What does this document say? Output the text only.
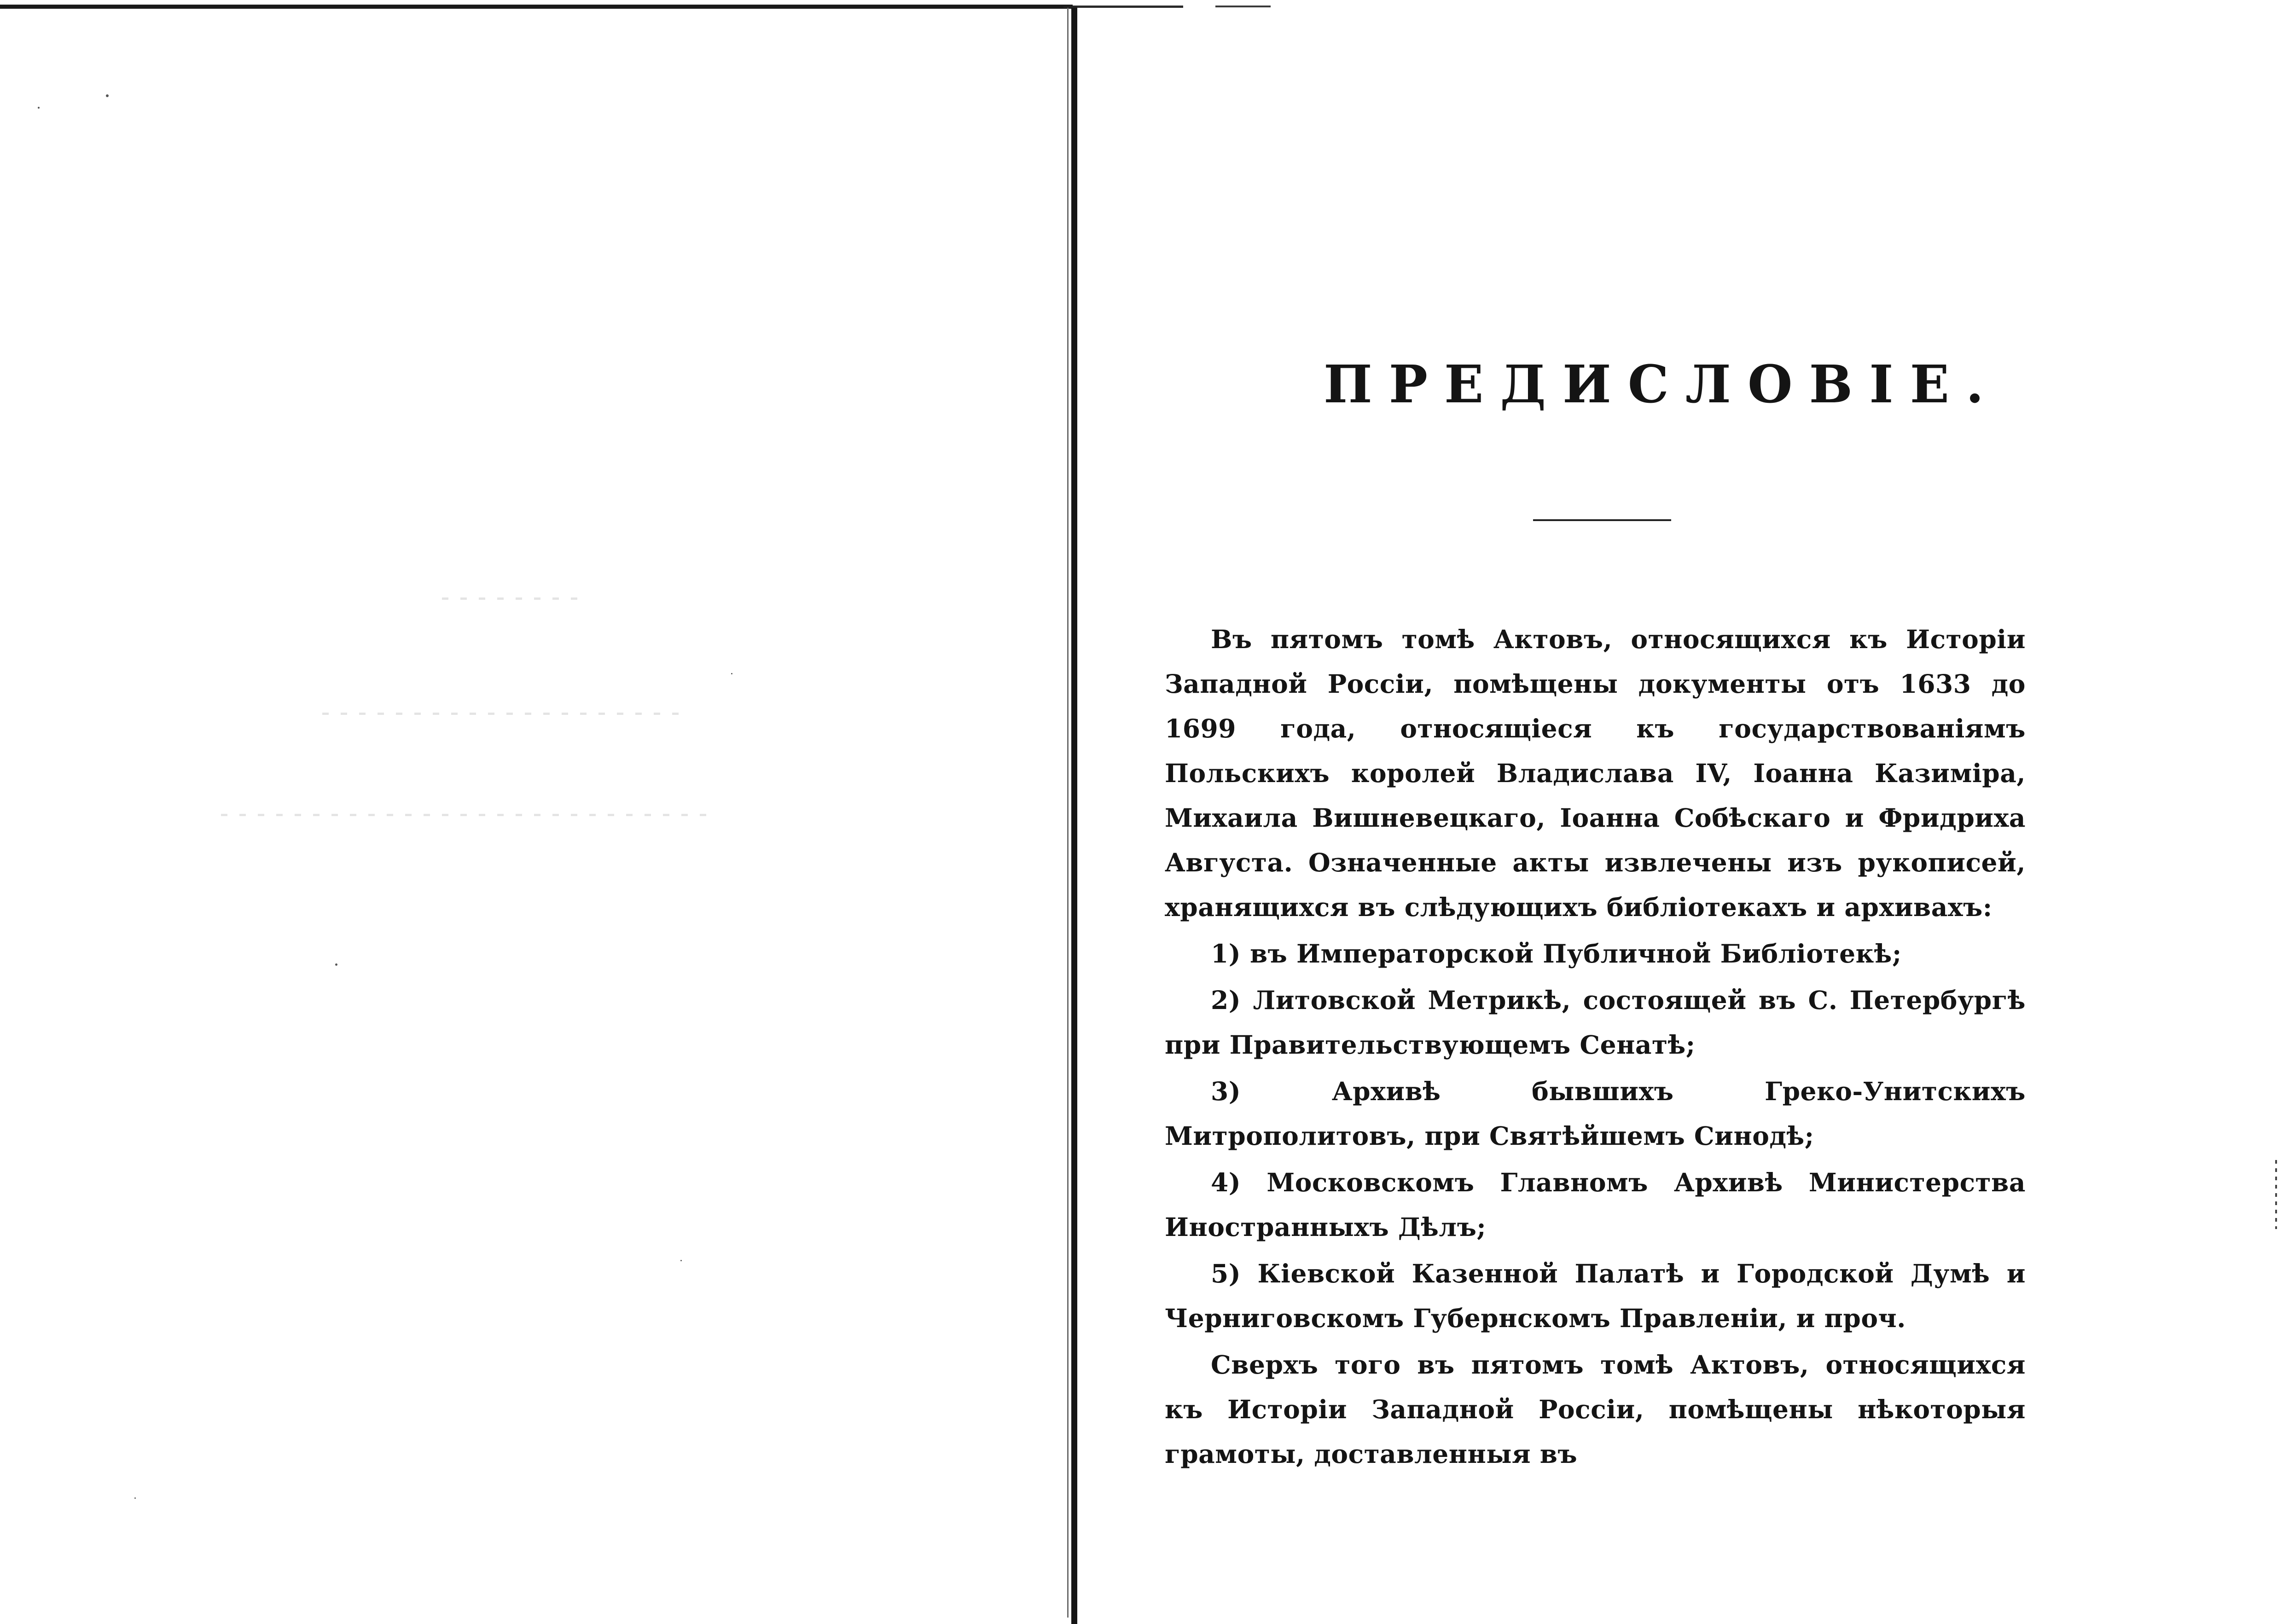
ПРЕДИСЛОВІЕ.

Въ пятомъ томѣ Актовъ, относящихся къ Исторіи Западной Россіи, помѣщены документы отъ 1633 до 1699 года, относящіеся къ государствованіямъ Польскихъ королей Владислава IV, Іоанна Казиміра, Михаила Вишневецкаго, Іоанна Собѣскаго и Фридриха Августа. Означенные акты извлечены изъ рукописей, хранящихся въ слѣдующихъ библіотекахъ и архивахъ:

1) въ Императорской Публичной Библіотекѣ;

2) Литовской Метрикѣ, состоящей въ С. Петербургѣ при Правительствующемъ Сенатѣ;

3) Архивѣ бывшихъ Греко-Унитскихъ Митрополитовъ, при Святѣйшемъ Синодѣ;

4) Московскомъ Главномъ Архивѣ Министерства Иностранныхъ Дѣлъ;

5) Кіевской Казенной Палатѣ и Городской Думѣ и Черниговскомъ Губернскомъ Правленіи, и проч.

Сверхъ того въ пятомъ томѣ Актовъ, относящихся къ Исторіи Западной Россіи, помѣщены нѣкоторыя грамоты, доставленныя въ
